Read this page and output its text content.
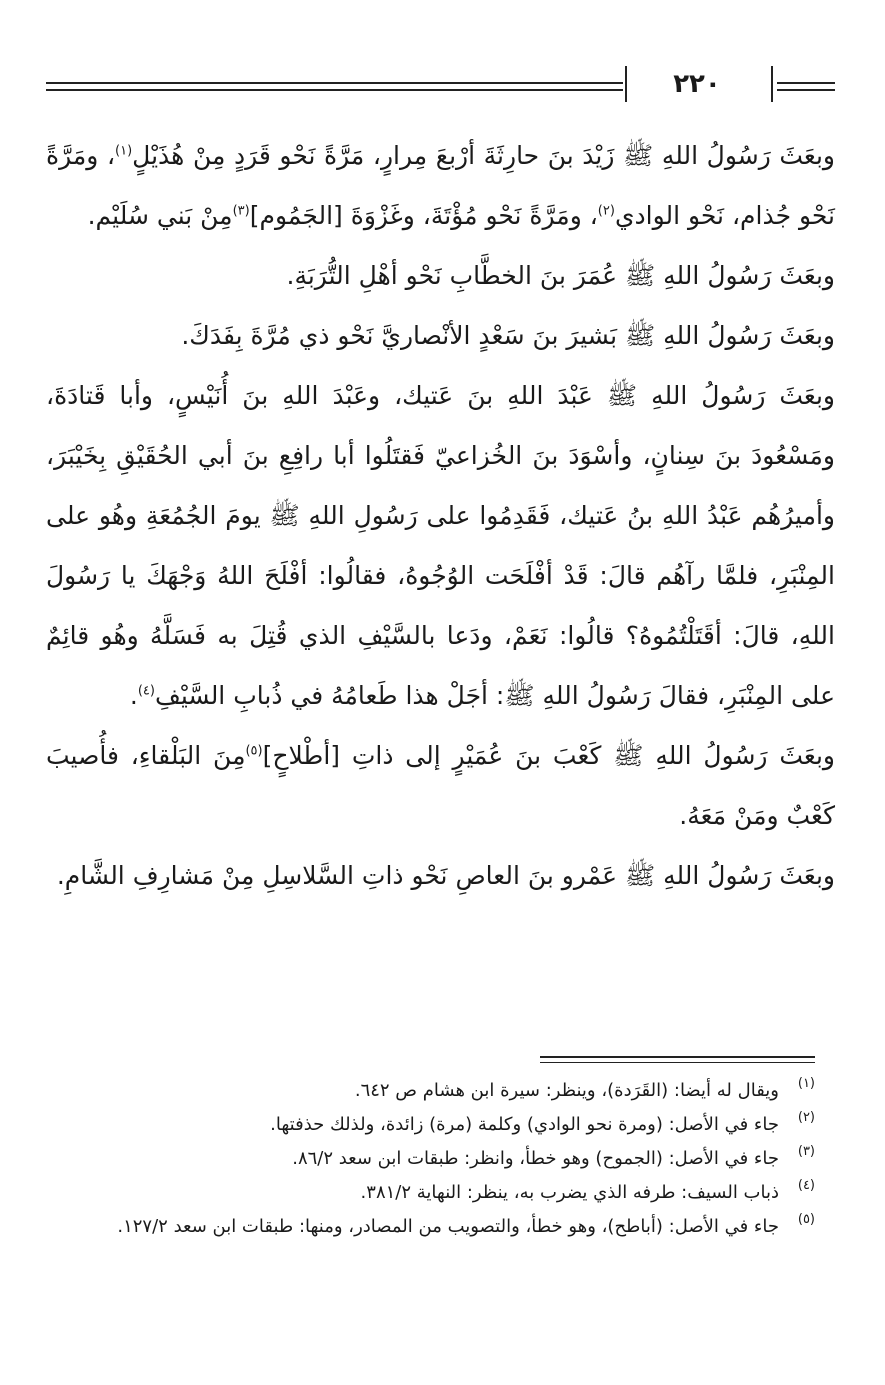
٢٢٠

وبعَثَ رَسُولُ اللهِ ﷺ زَيْدَ بنَ حارِثَةَ أرْبعَ مِرارٍ، مَرَّةً نَحْو قَرَدٍ مِنْ هُذَيْلٍ$^{(١)}$، ومَرَّةً نَحْو جُذام، نَحْو الوادي$^{(٢)}$، ومَرَّةً نَحْو مُؤْتَةَ، وغَزْوَةَ [الجَمُوم]$^{(٣)}$مِنْ بَني سُلَيْم.

وبعَثَ رَسُولُ اللهِ ﷺ عُمَرَ بنَ الخطَّابِ نَحْو أهْلِ التُّرَبَةِ.

وبعَثَ رَسُولُ اللهِ ﷺ بَشيرَ بنَ سَعْدٍ الأنْصاريَّ نَحْو ذي مُرَّةَ بِفَدَكَ.

وبعَثَ رَسُولُ اللهِ ﷺ عَبْدَ اللهِ بنَ عَتيك، وعَبْدَ اللهِ بنَ أُنَيْسٍ، وأبا قَتادَةَ، ومَسْعُودَ بنَ سِنانٍ، وأسْوَدَ بنَ الخُزاعيّ فَقتَلُوا أبا رافِعِ بنَ أبي الحُقَيْقِ بِخَيْبَرَ، وأميرُهُم عَبْدُ اللهِ بنُ عَتيك، فَقَدِمُوا على رَسُولِ اللهِ ﷺ يومَ الجُمُعَةِ وهُو على المِنْبَرِ، فلمَّا رآهُم قالَ: قَدْ أفْلَحَت الوُجُوهُ، فقالُوا: أفْلَحَ اللهُ وَجْهَكَ يا رَسُولَ اللهِ، قالَ: أقَتَلْتُمُوهُ؟ قالُوا: نَعَمْ، ودَعا بالسَّيْفِ الذي قُتِلَ به فَسَلَّهُ وهُو قائِمٌ على المِنْبَرِ، فقالَ رَسُولُ اللهِ ﷺ: أجَلْ هذا طَعامُهُ في ذُبابِ السَّيْفِ$^{(٤)}$.

وبعَثَ رَسُولُ اللهِ ﷺ كَعْبَ بنَ عُمَيْرٍ إلى ذاتِ [أطْلاحٍ]$^{(٥)}$مِنَ البَلْقاءِ، فأُصيبَ كَعْبٌ ومَنْ مَعَهُ.

وبعَثَ رَسُولُ اللهِ ﷺ عَمْرو بنَ العاصِ نَحْو ذاتِ السَّلاسِلِ مِنْ مَشارِفِ الشَّامِ.

(١)
ويقال له أيضا: (القَرَدة)، وينظر: سيرة ابن هشام ص ٦٤٢.
(٢)
جاء في الأصل: (ومرة نحو الوادي) وكلمة (مرة) زائدة، ولذلك حذفتها.
(٣)
جاء في الأصل: (الجموح) وهو خطأ، وانظر: طبقات ابن سعد ٨٦/٢.
(٤)
ذباب السيف: طرفه الذي يضرب به، ينظر: النهاية ٣٨١/٢.
(٥)
جاء في الأصل: (أباطح)، وهو خطأ، والتصويب من المصادر، ومنها: طبقات ابن سعد ١٢٧/٢.
